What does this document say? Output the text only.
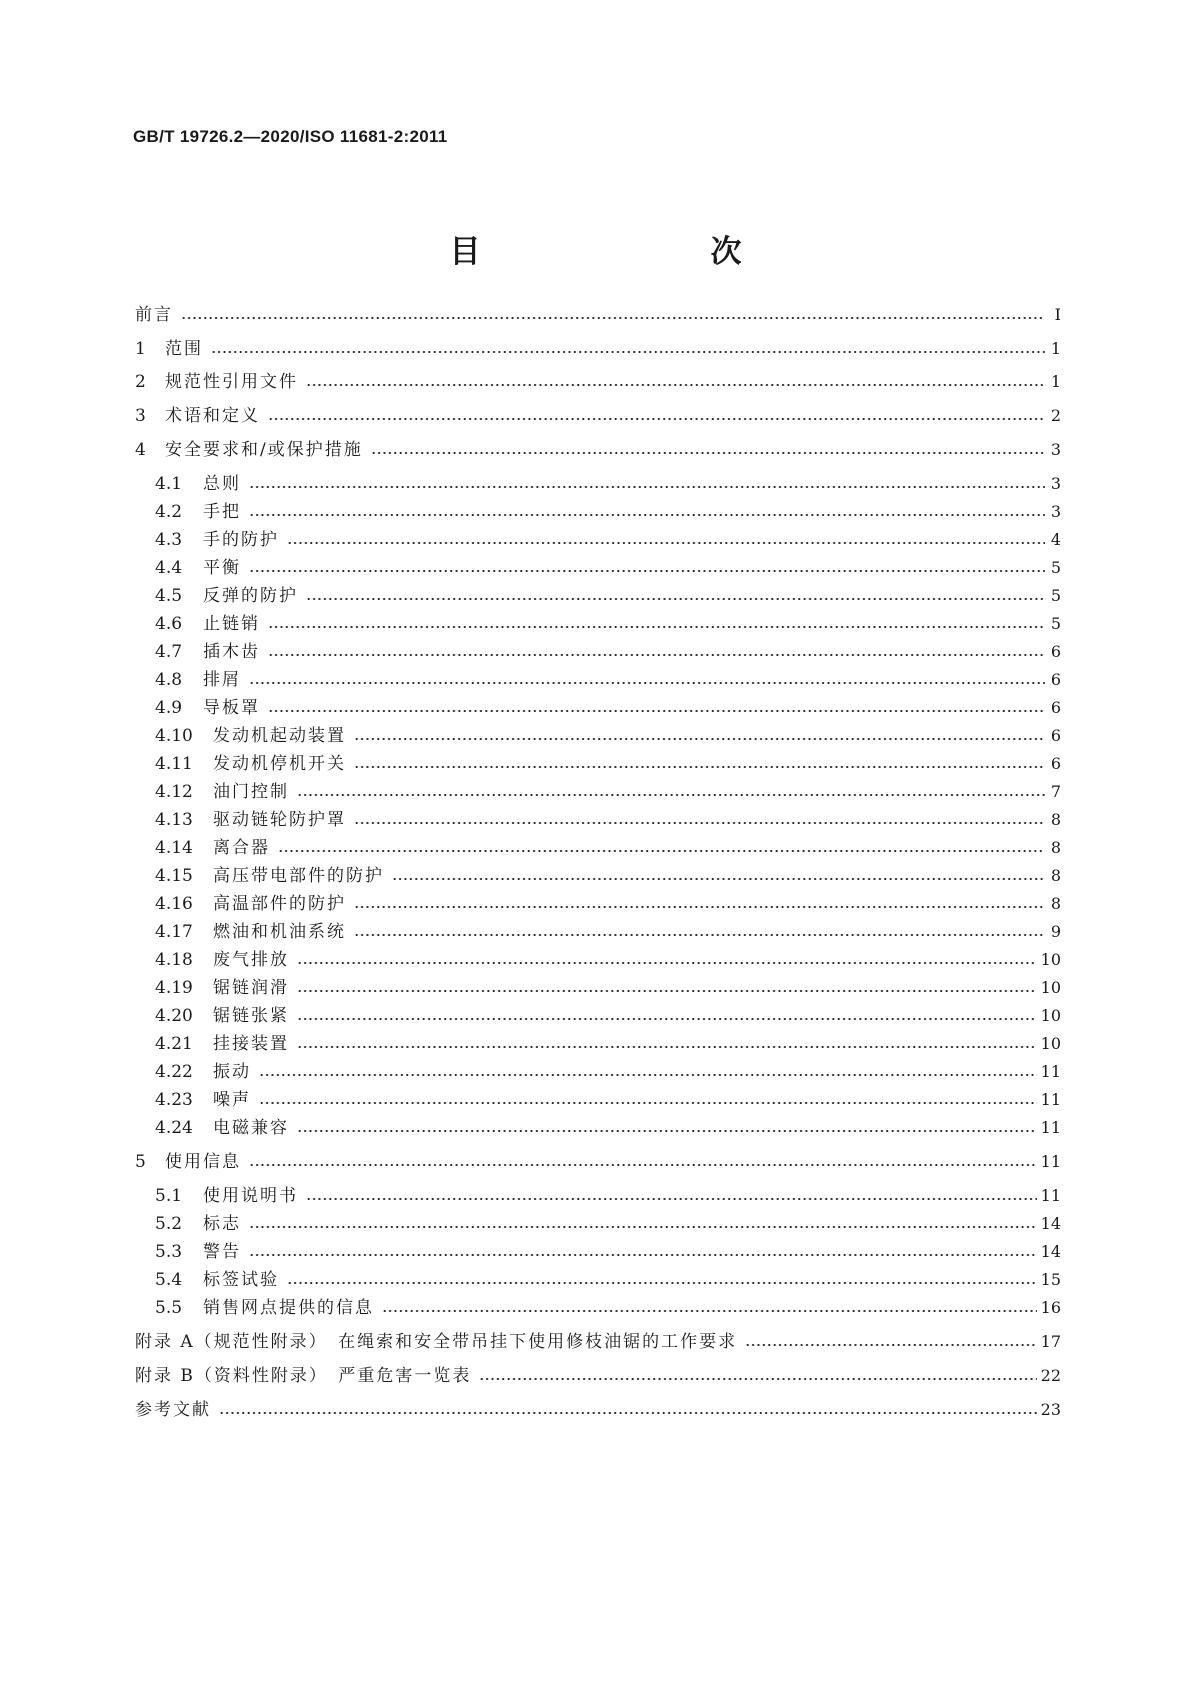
GB/T 19726.2—2020/ISO 11681-2:2011
目　　次
前言	Ⅰ
1	范围	1
2	规范性引用文件	1
3	术语和定义	2
4	安全要求和/或保护措施	3
4.1	总则	3
4.2	手把	3
4.3	手的防护	4
4.4	平衡	5
4.5	反弹的防护	5
4.6	止链销	5
4.7	插木齿	6
4.8	排屑	6
4.9	导板罩	6
4.10	发动机起动装置	6
4.11	发动机停机开关	6
4.12	油门控制	7
4.13	驱动链轮防护罩	8
4.14	离合器	8
4.15	高压带电部件的防护	8
4.16	高温部件的防护	8
4.17	燃油和机油系统	9
4.18	废气排放	10
4.19	锯链润滑	10
4.20	锯链张紧	10
4.21	挂接装置	10
4.22	振动	11
4.23	噪声	11
4.24	电磁兼容	11
5	使用信息	11
5.1	使用说明书	11
5.2	标志	14
5.3	警告	14
5.4	标签试验	15
5.5	销售网点提供的信息	16
附录 A（规范性附录）　在绳索和安全带吊挂下使用修枝油锯的工作要求	17
附录 B（资料性附录）　严重危害一览表	22
参考文献	23
